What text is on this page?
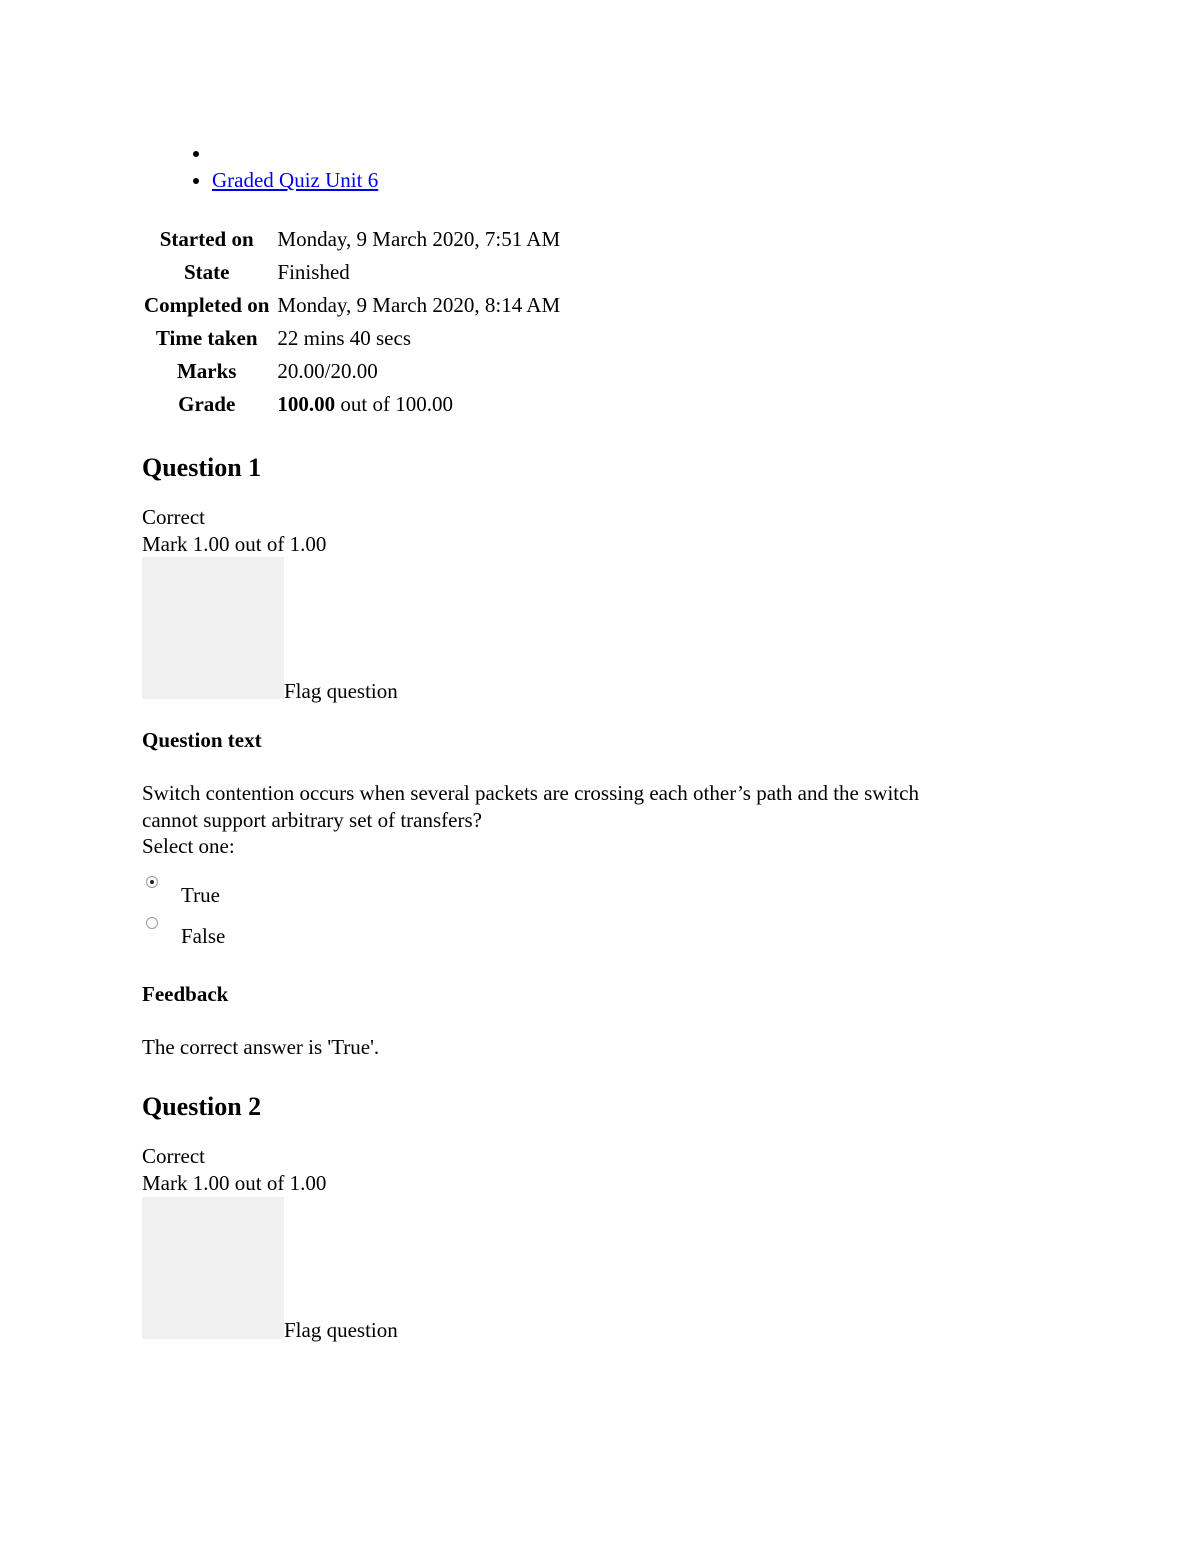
•
• Graded Quiz Unit 6
Started on	Monday, 9 March 2020, 7:51 AM
State	Finished
Completed on	Monday, 9 March 2020, 8:14 AM
Time taken	22 mins 40 secs
Marks	20.00/20.00
Grade	100.00 out of 100.00
Question 1
Correct
Mark 1.00 out of 1.00
Flag question
Question text
Switch contention occurs when several packets are crossing each other’s path and the switch
cannot support arbitrary set of transfers?
Select one:
True
False
Feedback
The correct answer is 'True'.
Question 2
Correct
Mark 1.00 out of 1.00
Flag question
